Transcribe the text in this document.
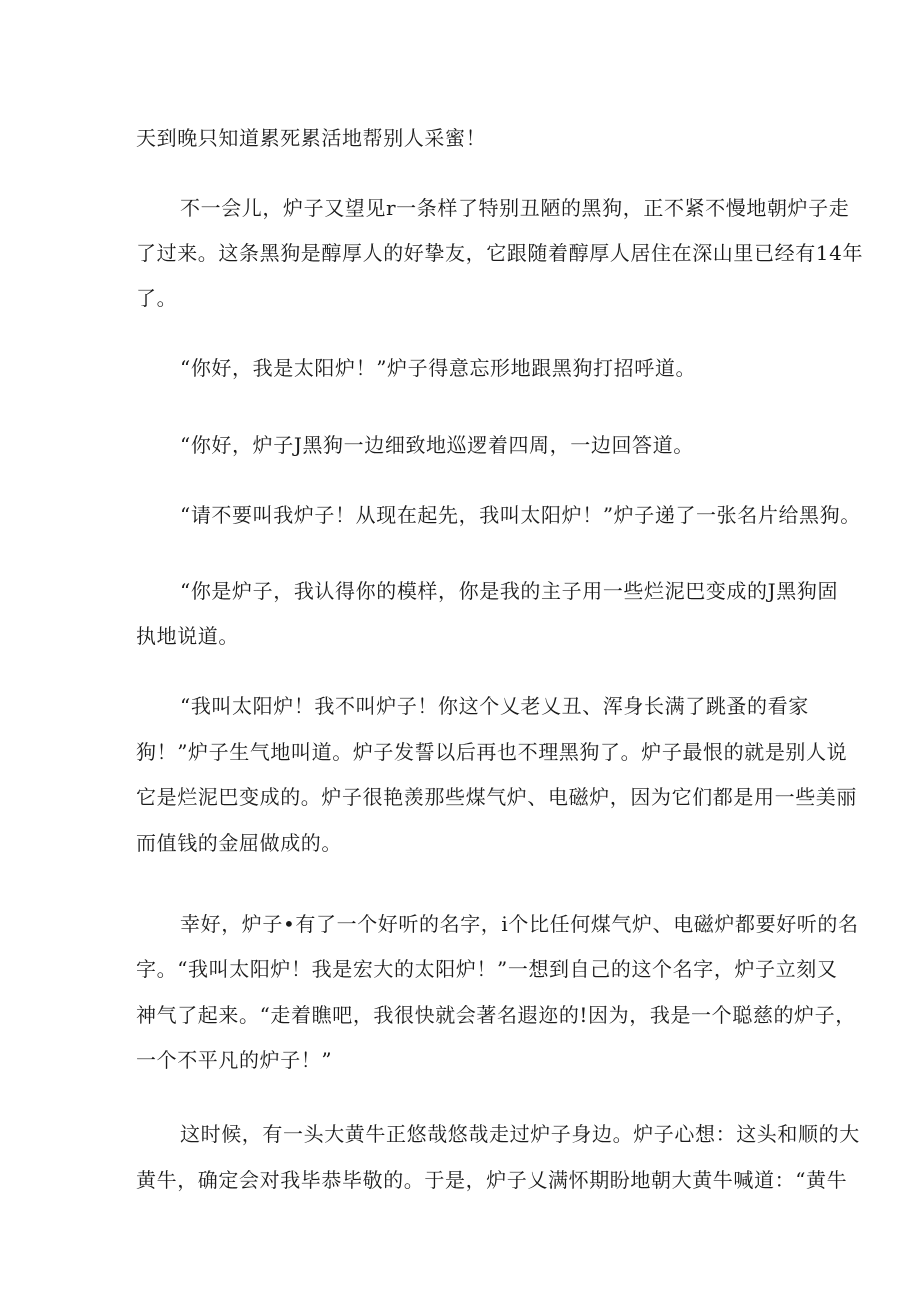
天到晚只知道累死累活地帮别人采蜜！
不一会儿，炉子又望见r一条样了特别丑陋的黑狗，正不紧不慢地朝炉子走
了过来。这条黑狗是醇厚人的好挚友，它跟随着醇厚人居住在深山里已经有14年
了。
“你好，我是太阳炉！”炉子得意忘形地跟黑狗打招呼道。
“你好，炉子J黑狗一边细致地巡逻着四周，一边回答道。
“请不要叫我炉子！从现在起先，我叫太阳炉！”炉子递了一张名片给黑狗。
“你是炉子，我认得你的模样，你是我的主子用一些烂泥巴变成的J黑狗固
执地说道。
“我叫太阳炉！我不叫炉子！你这个乂老乂丑、浑身长满了跳蚤的看家
狗！”炉子生气地叫道。炉子发誓以后再也不理黑狗了。炉子最恨的就是别人说
它是烂泥巴变成的。炉子很艳羡那些煤气炉、电磁炉，因为它们都是用一些美丽
而值钱的金屈做成的。
幸好，炉子•有了一个好听的名字，i个比任何煤气炉、电磁炉都要好听的名
字。“我叫太阳炉！我是宏大的太阳炉！”一想到自己的这个名字，炉子立刻又
神气了起来。“走着瞧吧，我很快就会著名遐迩的!因为，我是一个聪慈的炉子，
一个不平凡的炉子！”
这时候，有一头大黄牛正悠哉悠哉走过炉子身边。炉子心想：这头和顺的大
黄牛，确定会对我毕恭毕敬的。于是，炉子乂满怀期盼地朝大黄牛喊道：“黄牛
